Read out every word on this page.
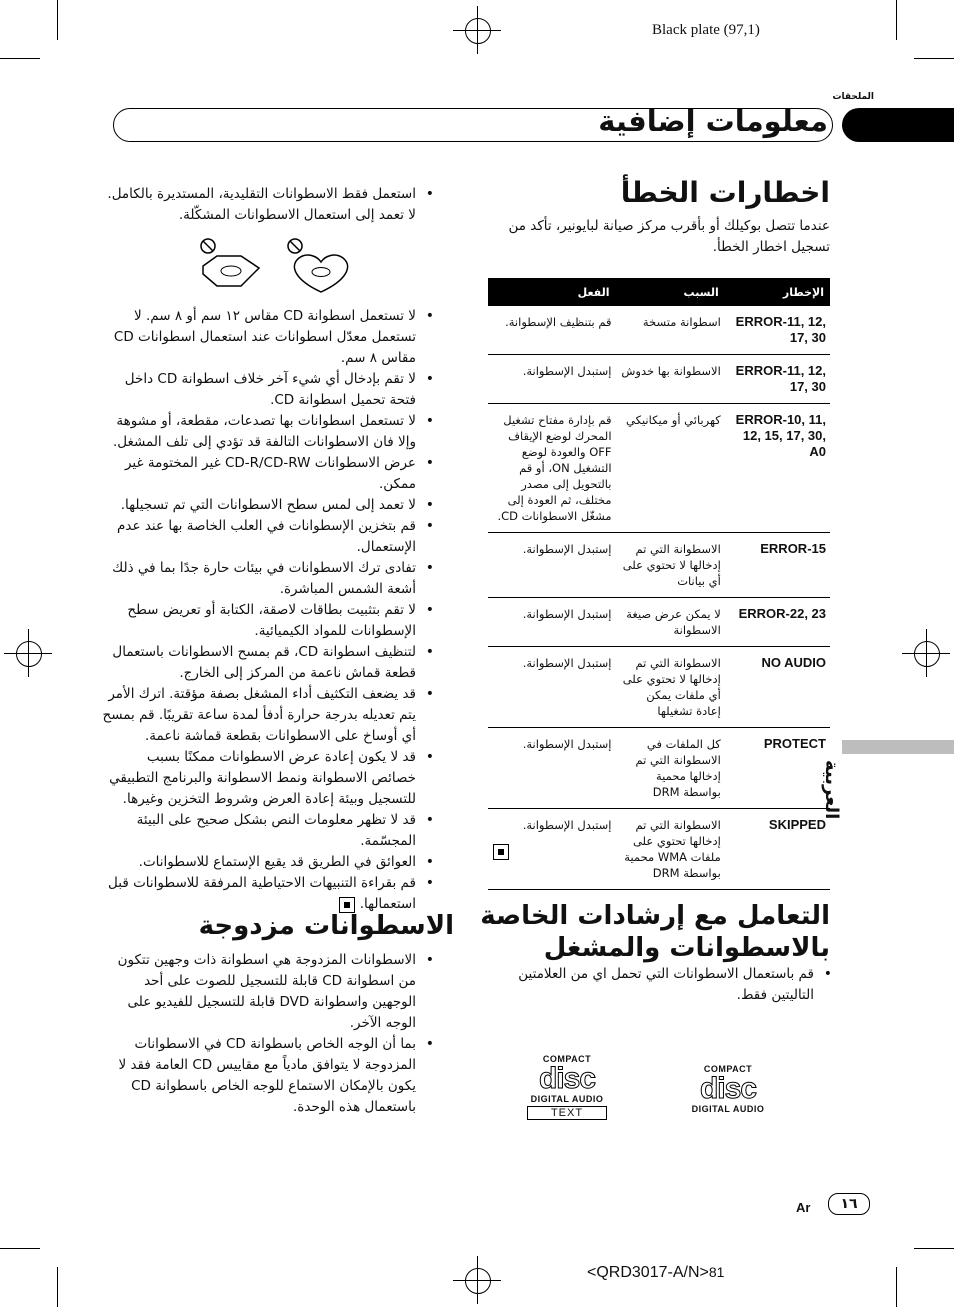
Black plate (97,1)
الملحقات
معلومات إضافية
العربية
اخطارات الخطأ
عندما تتصل بوكيلك أو بأقرب مركز صيانة لبايونير، تأكد من تسجيل اخطار الخطأ.
الإخطار	السبب	الفعل
ERROR-11, 12, 17, 30	اسطوانة متسخة	قم بتنظيف الإسطوانة.
ERROR-11, 12, 17, 30	الاسطوانة بها خدوش	إستبدل الإسطوانة.
ERROR-10, 11, 12, 15, 17, 30, A0	كهربائي أو ميكانيكي	قم بإدارة مفتاح تشغيل المحرك لوضع الإيقاف OFF والعودة لوضع التشغيل ON، أو قم بالتحويل إلى مصدر مختلف، ثم العودة إلى مشغّل الاسطوانات CD.
ERROR-15	الاسطوانة التي تم إدخالها لا تحتوي على أي بيانات	إستبدل الإسطوانة.
ERROR-22, 23	لا يمكن عرض صيغة الاسطوانة	إستبدل الإسطوانة.
NO AUDIO	الاسطوانة التي تم إدخالها لا تحتوي على أي ملفات يمكن إعادة تشغيلها	إستبدل الإسطوانة.
PROTECT	كل الملفات في الاسطوانة التي تم إدخالها محمية بواسطة DRM	إستبدل الإسطوانة.
SKIPPED	الاسطوانة التي تم إدخالها تحتوي على ملفات WMA محمية بواسطة DRM	إستبدل الإسطوانة.
التعامل مع إرشادات الخاصة
بالاسطوانات والمشغل
• قم باستعمال الاسطوانات التي تحمل اي من العلامتين التاليتين فقط.
COMPACT
disc
DIGITAL AUDIO
COMPACT
disc
DIGITAL AUDIO
TEXT
• استعمل فقط الاسطوانات التقليدية، المستديرة بالكامل. لا تعمد إلى استعمال الاسطوانات المشكّلة.
• لا تستعمل اسطوانة CD مقاس ١٢ سم أو ٨ سم. لا تستعمل معدّل اسطوانات عند استعمال اسطوانات CD مقاس ٨ سم.
• لا تقم بإدخال أي شيء آخر خلاف اسطوانة CD داخل فتحة تحميل اسطوانة CD.
• لا تستعمل اسطوانات بها تصدعات، مقطعة، أو مشوهة وإلا فان الاسطوانات التالفة قد تؤدي إلى تلف المشغل.
• عرض الاسطوانات CD-R/CD-RW غير المختومة غير ممكن.
• لا تعمد إلى لمس سطح الاسطوانات التي تم تسجيلها.
• قم بتخزين الإسطوانات في العلب الخاصة بها عند عدم الإستعمال.
• تفادى ترك الاسطوانات في بيئات حارة جدًا بما في ذلك أشعة الشمس المباشرة.
• لا تقم بتثبيت بطاقات لاصقة، الكتابة أو تعريض سطح الإسطوانات للمواد الكيميائية.
• لتنظيف اسطوانة CD، قم بمسح الاسطوانات باستعمال قطعة قماش ناعمة من المركز إلى الخارج.
• قد يضعف التكثيف أداء المشغل بصفة مؤقتة. اترك الأمر يتم تعديله بدرجة حرارة أدفأ لمدة ساعة تقريبًا. قم بمسح أي أوساخ على الاسطوانات بقطعة قماشة ناعمة.
• قد لا يكون إعادة عرض الاسطوانات ممكنًا بسبب خصائص الاسطوانة ونمط الاسطوانة والبرنامج التطبيقي للتسجيل وبيئة إعادة العرض وشروط التخزين وغيرها.
• قد لا تظهر معلومات النص بشكل صحيح على البيئة المجسّمة.
• العوائق في الطريق قد يقيع الإستماع للاسطوانات.
• قم بقراءة التنبيهات الاحتياطية المرفقة للاسطوانات قبل استعمالها.
الاسطوانات مزدوجة
• الاسطوانات المزدوجة هي اسطوانة ذات وجهين تتكون من اسطوانة CD قابلة للتسجيل للصوت على أحد الوجهين واسطوانة DVD قابلة للتسجيل للفيديو على الوجه الآخر.
• بما أن الوجه الخاص باسطوانة CD في الاسطوانات المزدوجة لا يتوافق مادياً مع مقاييس CD العامة فقد لا يكون بالإمكان الاستماع للوجه الخاص باسطوانة CD باستعمال هذه الوحدة.
Ar	١٦
<QRD3017-A/N>81
